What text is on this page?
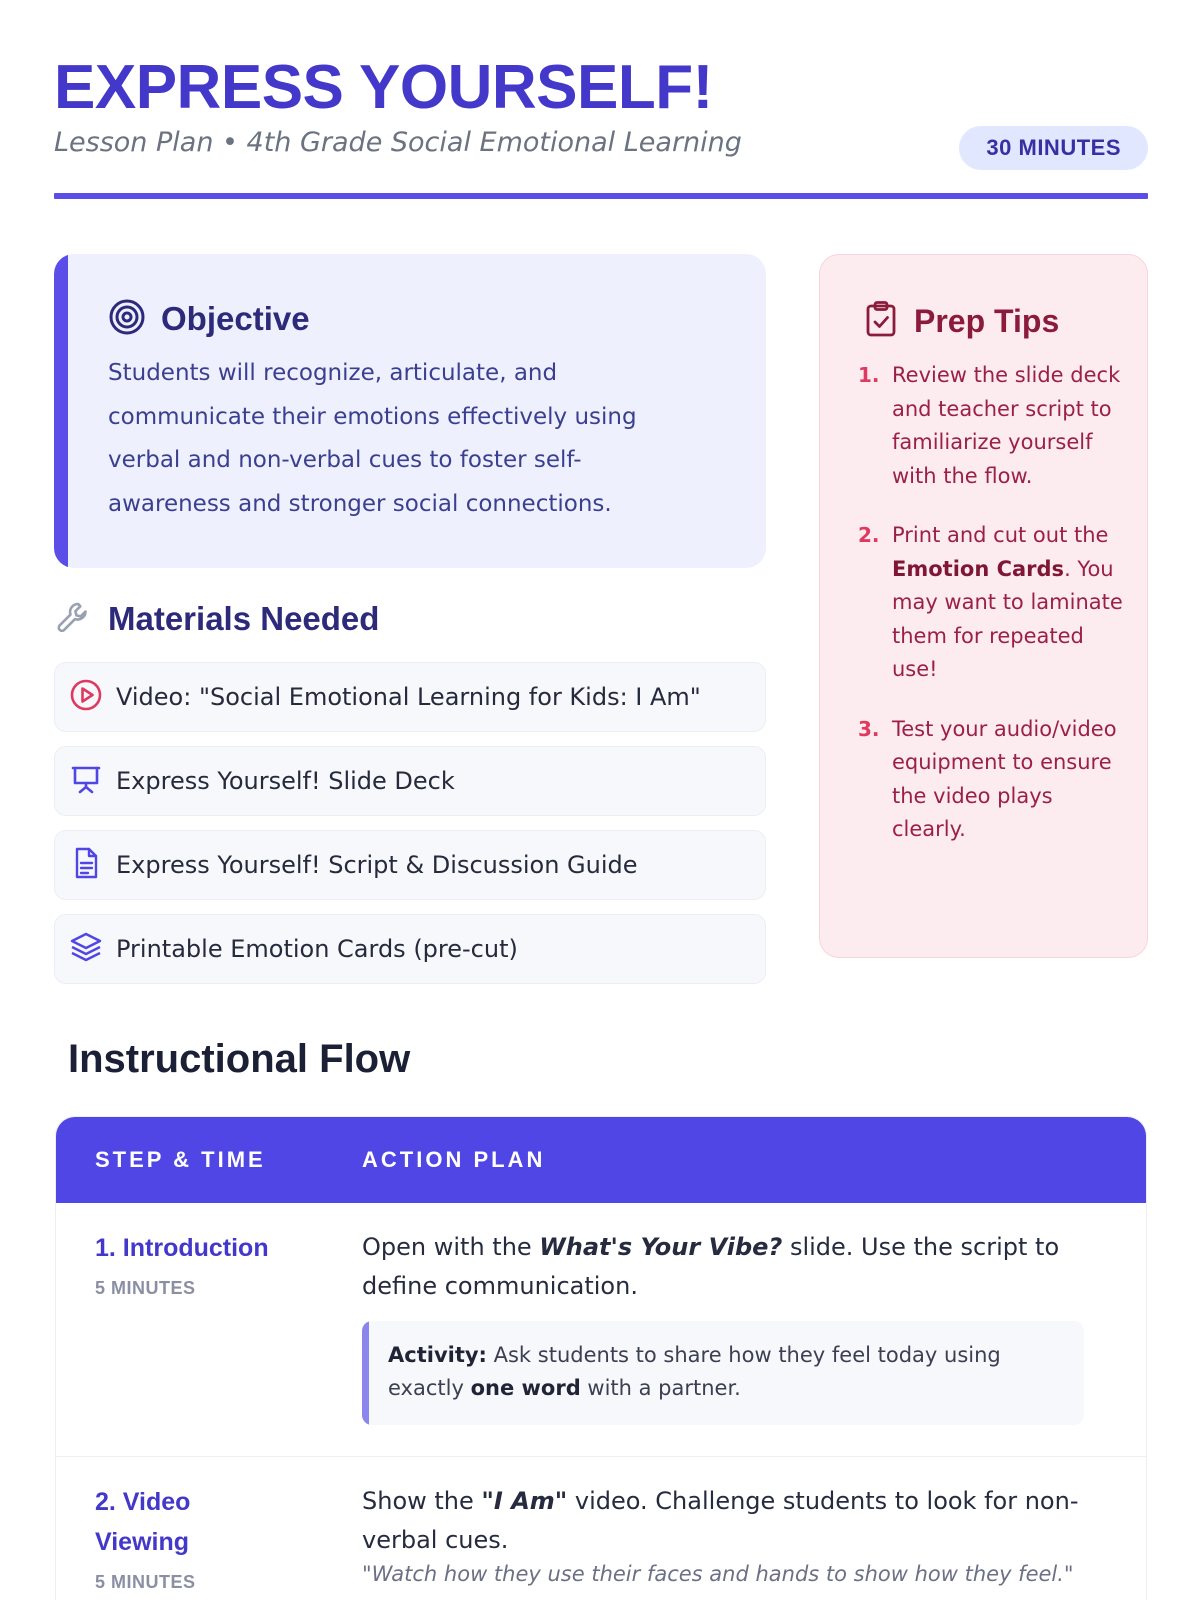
EXPRESS YOURSELF!
Lesson Plan • 4th Grade Social Emotional Learning	30 MINUTES
Objective

Students will recognize, articulate, and communicate their emotions effectively using verbal and non-verbal cues to foster self-awareness and stronger social connections.

Materials Needed
Video: "Social Emotional Learning for Kids: I Am"
Express Yourself! Slide Deck
Express Yourself! Script & Discussion Guide
Printable Emotion Cards (pre-cut)
Prep Tips
1. Review the slide deck and teacher script to familiarize yourself with the flow.
2. Print and cut out the Emotion Cards. You may want to laminate them for repeated use!
3. Test your audio/video equipment to ensure the video plays clearly.
Instructional Flow
STEP & TIME	ACTION PLAN
1. Introduction
5 MINUTES

Open with the What's Your Vibe? slide. Use the script to define communication.

Activity: Ask students to share how they feel today using exactly one word with a partner.
2. Video
Viewing
5 MINUTES

Show the "I Am" video. Challenge students to look for non-verbal cues.

"Watch how they use their faces and hands to show how they feel."
